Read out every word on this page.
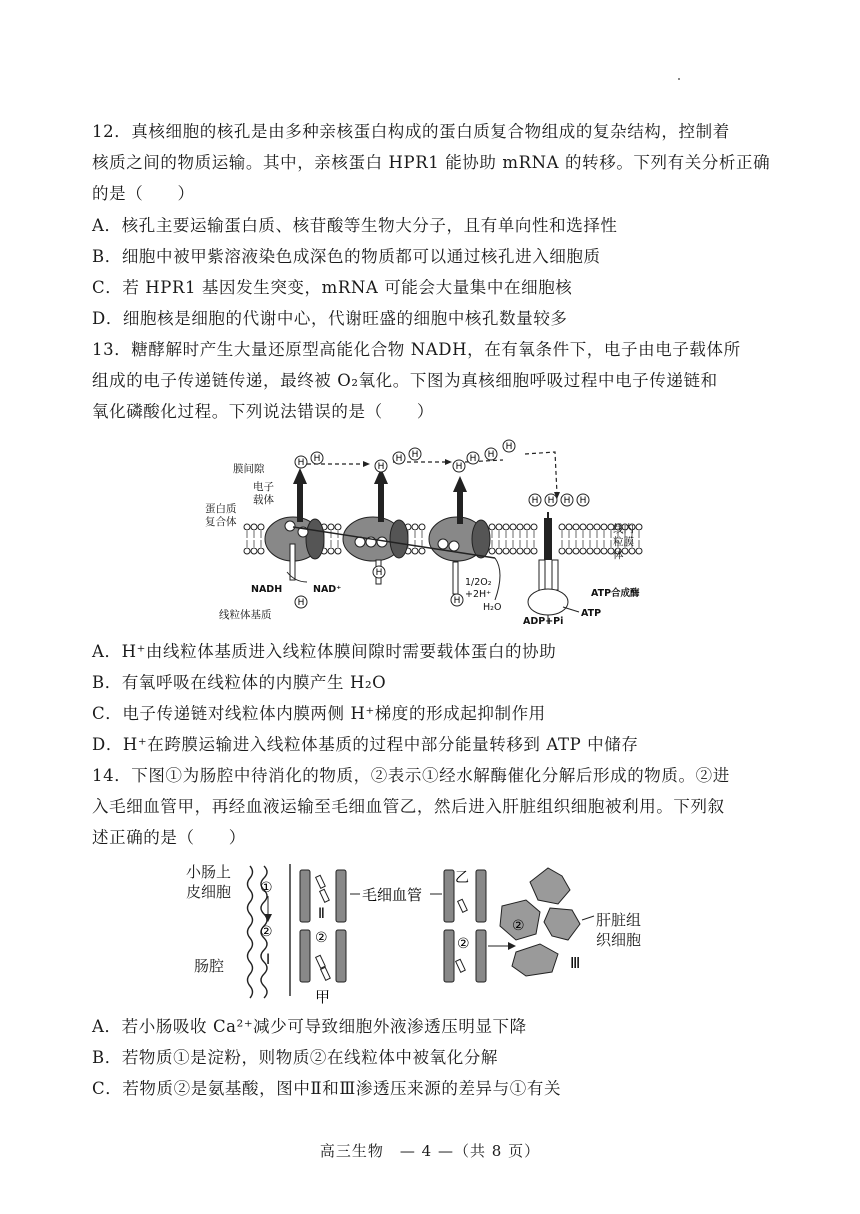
12．真核细胞的核孔是由多种亲核蛋白构成的蛋白质复合物组成的复杂结构，控制着
核质之间的物质运输。其中，亲核蛋白 HPR1 能协助 mRNA 的转移。下列有关分析正确
的是（　　）
A．核孔主要运输蛋白质、核苷酸等生物大分子，且有单向性和选择性
B．细胞中被甲紫溶液染色成深色的物质都可以通过核孔进入细胞质
C．若 HPR1 基因发生突变，mRNA 可能会大量集中在细胞核
D．细胞核是细胞的代谢中心，代谢旺盛的细胞中核孔数量较多
13．糖酵解时产生大量还原型高能化合物 NADH，在有氧条件下，电子由电子载体所
组成的电子传递链传递，最终被 O₂氧化。下图为真核细胞呼吸过程中电子传递链和
氧化磷酸化过程。下列说法错误的是（　　）
H H
H
H H
H
H H
H
H H H H
H
H
H
膜间隙
电子
载体
蛋白质
复合体
NADH	NAD⁺
线粒体基质
1/2O₂
+2H⁺
H₂O
ADP+Pi
ATP
ATP合成酶
线内
粒膜
体
A．H⁺由线粒体基质进入线粒体膜间隙时需要载体蛋白的协助
B．有氧呼吸在线粒体的内膜产生 H₂O
C．电子传递链对线粒体内膜两侧 H⁺梯度的形成起抑制作用
D．H⁺在跨膜运输进入线粒体基质的过程中部分能量转移到 ATP 中储存
14．下图①为肠腔中待消化的物质，②表示①经水解酶催化分解后形成的物质。②进
入毛细血管甲，再经血液运输至毛细血管乙，然后进入肝脏组织细胞被利用。下列叙
述正确的是（　　）
①
②
Ⅰ
Ⅱ
②
甲
毛细血管
乙
②
②
Ⅲ
小肠上
皮细胞
肠腔
肝脏组
织细胞
A．若小肠吸收 Ca²⁺减少可导致细胞外液渗透压明显下降
B．若物质①是淀粉，则物质②在线粒体中被氧化分解
C．若物质②是氨基酸，图中Ⅱ和Ⅲ渗透压来源的差异与①有关
高三生物　— 4 —（共 8 页）
